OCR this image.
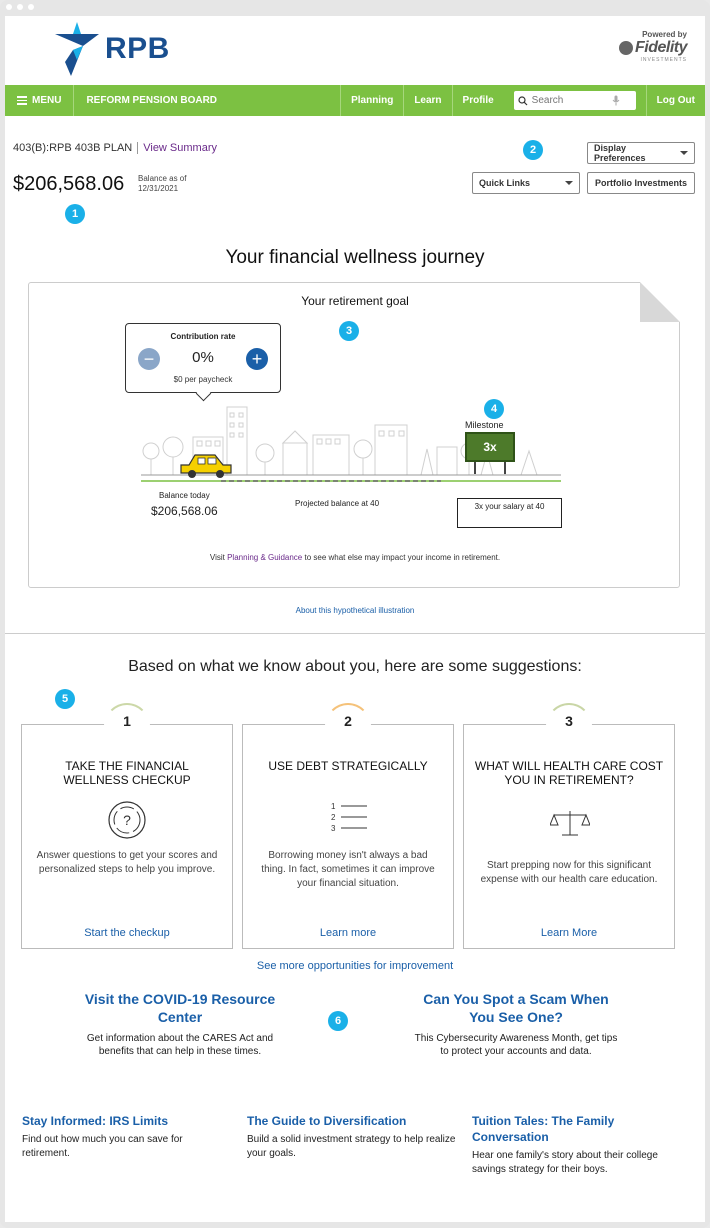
RPB	Powered by
Fidelity
INVESTMENTS
MENU	REFORM PENSION BOARD	Planning	Learn	Profile
Search	Log Out
403(B):RPB 403B PLAN View Summary
$206,568.06 Balance as of
12/31/2021
1
2	Display Preferences
Quick Links	Portfolio Investments
Your financial wellness journey
Your retirement goal
3
4
Contribution rate
−	0%	+
$0 per paycheck
Milestone
3x
Balance today
$206,568.06
Projected balance at 40	3x your salary at 40
Visit Planning & Guidance to see what else may impact your income in retirement.
About this hypothetical illustration
Based on what we know about you, here are some suggestions:
5
1
TAKE THE FINANCIAL WELLNESS CHECKUP
?
Answer questions to get your scores and personalized steps to help you improve.
Start the checkup
2
USE DEBT STRATEGICALLY
1
2
3
Borrowing money isn't always a bad thing. In fact, sometimes it can improve your financial situation.
Learn more
3
WHAT WILL HEALTH CARE COST YOU IN RETIREMENT?
Start prepping now for this significant expense with our health care education.
Learn More
See more opportunities for improvement
Visit the COVID-19 Resource Center
Get information about the CARES Act and benefits that can help in these times.
6
Can You Spot a Scam When You See One?
This Cybersecurity Awareness Month, get tips to protect your accounts and data.
Stay Informed: IRS Limits
Find out how much you can save for retirement.
The Guide to Diversification
Build a solid investment strategy to help realize your goals.
Tuition Tales: The Family Conversation
Hear one family's story about their college savings strategy for their boys.
